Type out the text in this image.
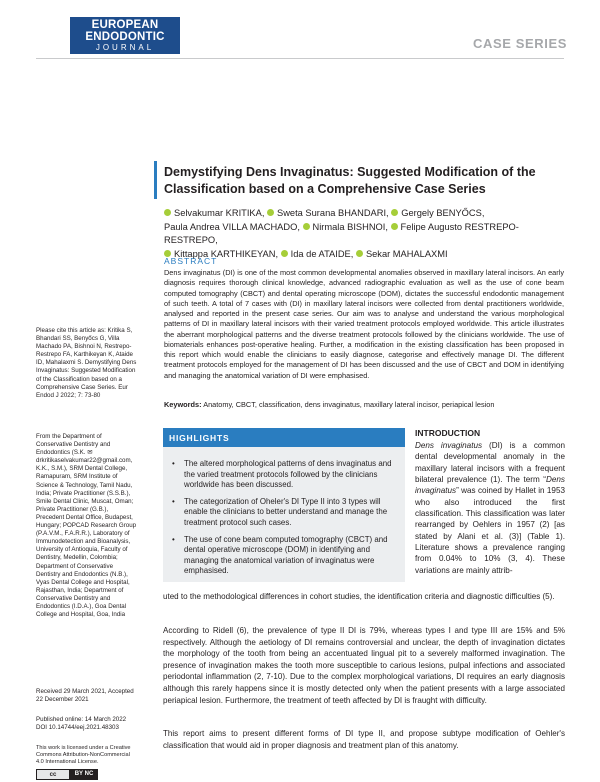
EUROPEAN
ENDODONTIC
JOURNAL	CASE SERIES
Demystifying Dens Invaginatus: Suggested Modification of the Classification based on a Comprehensive Case Series
Selvakumar KRITIKA, Sweta Surana BHANDARI, Gergely BENYŐCS,
Paula Andrea VILLA MACHADO, Nirmala BISHNOI, Felipe Augusto RESTREPO-RESTREPO,
Kittappa KARTHIKEYAN, Ida de ATAIDE, Sekar MAHALAXMI
ABSTRACT
Dens invaginatus (DI) is one of the most common developmental anomalies observed in maxillary lateral incisors. An early diagnosis requires thorough clinical knowledge, advanced radiographic evaluation as well as the use of cone beam computed tomography (CBCT) and dental operating microscope (DOM), dictates the successful endodontic management of such teeth. A total of 7 cases with (DI) in maxillary lateral incisors were collected from dental practitioners worldwide, analysed and reported in the present case series. Our aim was to analyse and understand the various morphological patterns of DI in maxillary lateral incisors with their varied treatment protocols employed worldwide. This article illustrates the aberrant morphological patterns and the diverse treatment protocols followed by the clinicians worldwide. The use of biomaterials enhances post-operative healing. Further, a modification in the existing classification has been proposed in this report which would enable the clinicians to easily diagnose, categorise and effectively manage DI. The different treatment protocols employed for the management of DI has been discussed and the use of CBCT and DOM in identifying and managing the anatomical variation of DI were emphasised.
Keywords: Anatomy, CBCT, classification, dens invaginatus, maxillary lateral incisor, periapical lesion
Please cite this article as: Kritika S, Bhandari SS, Benyőcs G, Villa Machado PA, Bishnoi N, Restrepo-Restrepo FA, Karthikeyan K, Ataide ID, Mahalaxmi S. Demystifying Dens Invaginatus: Suggested Modification of the Classification based on a Comprehensive Case Series. Eur Endod J 2022; 7: 73-80
From the Department of Conservative Dentistry and Endodontics (S.K. ✉ drkritikaselvakumar22@gmail.com, K.K., S.M.), SRM Dental College, Ramapuram, SRM Institute of Science & Technology, Tamil Nadu, India; Private Practitioner (S.S.B.), Smile Dental Clinic, Muscat, Oman; Private Practitioner (G.B.), Precedent Dental Office, Budapest, Hungary; POPCAD Research Group (P.A.V.M., F.A.R.R.), Laboratory of Immunodetection and Bioanalysis, University of Antioquia, Faculty of Dentistry, Medellin, Colombia; Department of Conservative Dentistry and Endodontics (N.B.), Vyas Dental College and Hospital, Rajasthan, India; Department of Conservative Dentistry and Endodontics (I.D.A.), Goa Dental College and Hospital, Goa, India
Received 29 March 2021, Accepted 22 December 2021
Published online: 14 March 2022 DOI 10.14744/eej.2021.48303
This work is licensed under a Creative Commons Attribution-NonCommercial 4.0 International License.
cc	BY NC
HIGHLIGHTS
• The altered morphological patterns of dens invaginatus and the varied treatment protocols followed by the clinicians worldwide has been discussed.
• The categorization of Oheler's DI Type II into 3 types will enable the clinicians to better understand and manage the treatment protocol such cases.
• The use of cone beam computed tomography (CBCT) and dental operative microscope (DOM) in identifying and managing the anatomical variation of invaginatus were emphasised.
INTRODUCTION
Dens invaginatus (DI) is a common dental developmental anomaly in the maxillary lateral incisors with a frequent bilateral prevalence (1). The term “Dens invaginatus” was coined by Hallet in 1953 who also introduced the first classification. This classification was later rearranged by Oehlers in 1957 (2) [as stated by Alani et al. (3)] (Table 1). Literature shows a prevalence ranging from 0.04% to 10% (3, 4). These variations are mainly attrib-
uted to the methodological differences in cohort studies, the identification criteria and diagnostic difficulties (5).
According to Ridell (6), the prevalence of type II DI is 79%, whereas types I and type III are 15% and 5% respectively. Although the aetiology of DI remains controversial and unclear, the depth of invagination dictates the morphology of the tooth from being an accentuated lingual pit to a severely malformed invagination. The presence of invagination makes the tooth more susceptible to carious lesions, pulpal infections and associated periodontal inflammation (2, 7-10). Due to the complex morphological variations, DI requires an early diagnosis although this rarely happens since it is mostly detected only when the patient presents with a large associated periapical lesion. Furthermore, the treatment of teeth affected by DI is fraught with difficulty.
This report aims to present different forms of DI type II, and propose subtype modification of Oehler's classification that would aid in proper diagnosis and treatment plan of this anatomy.
